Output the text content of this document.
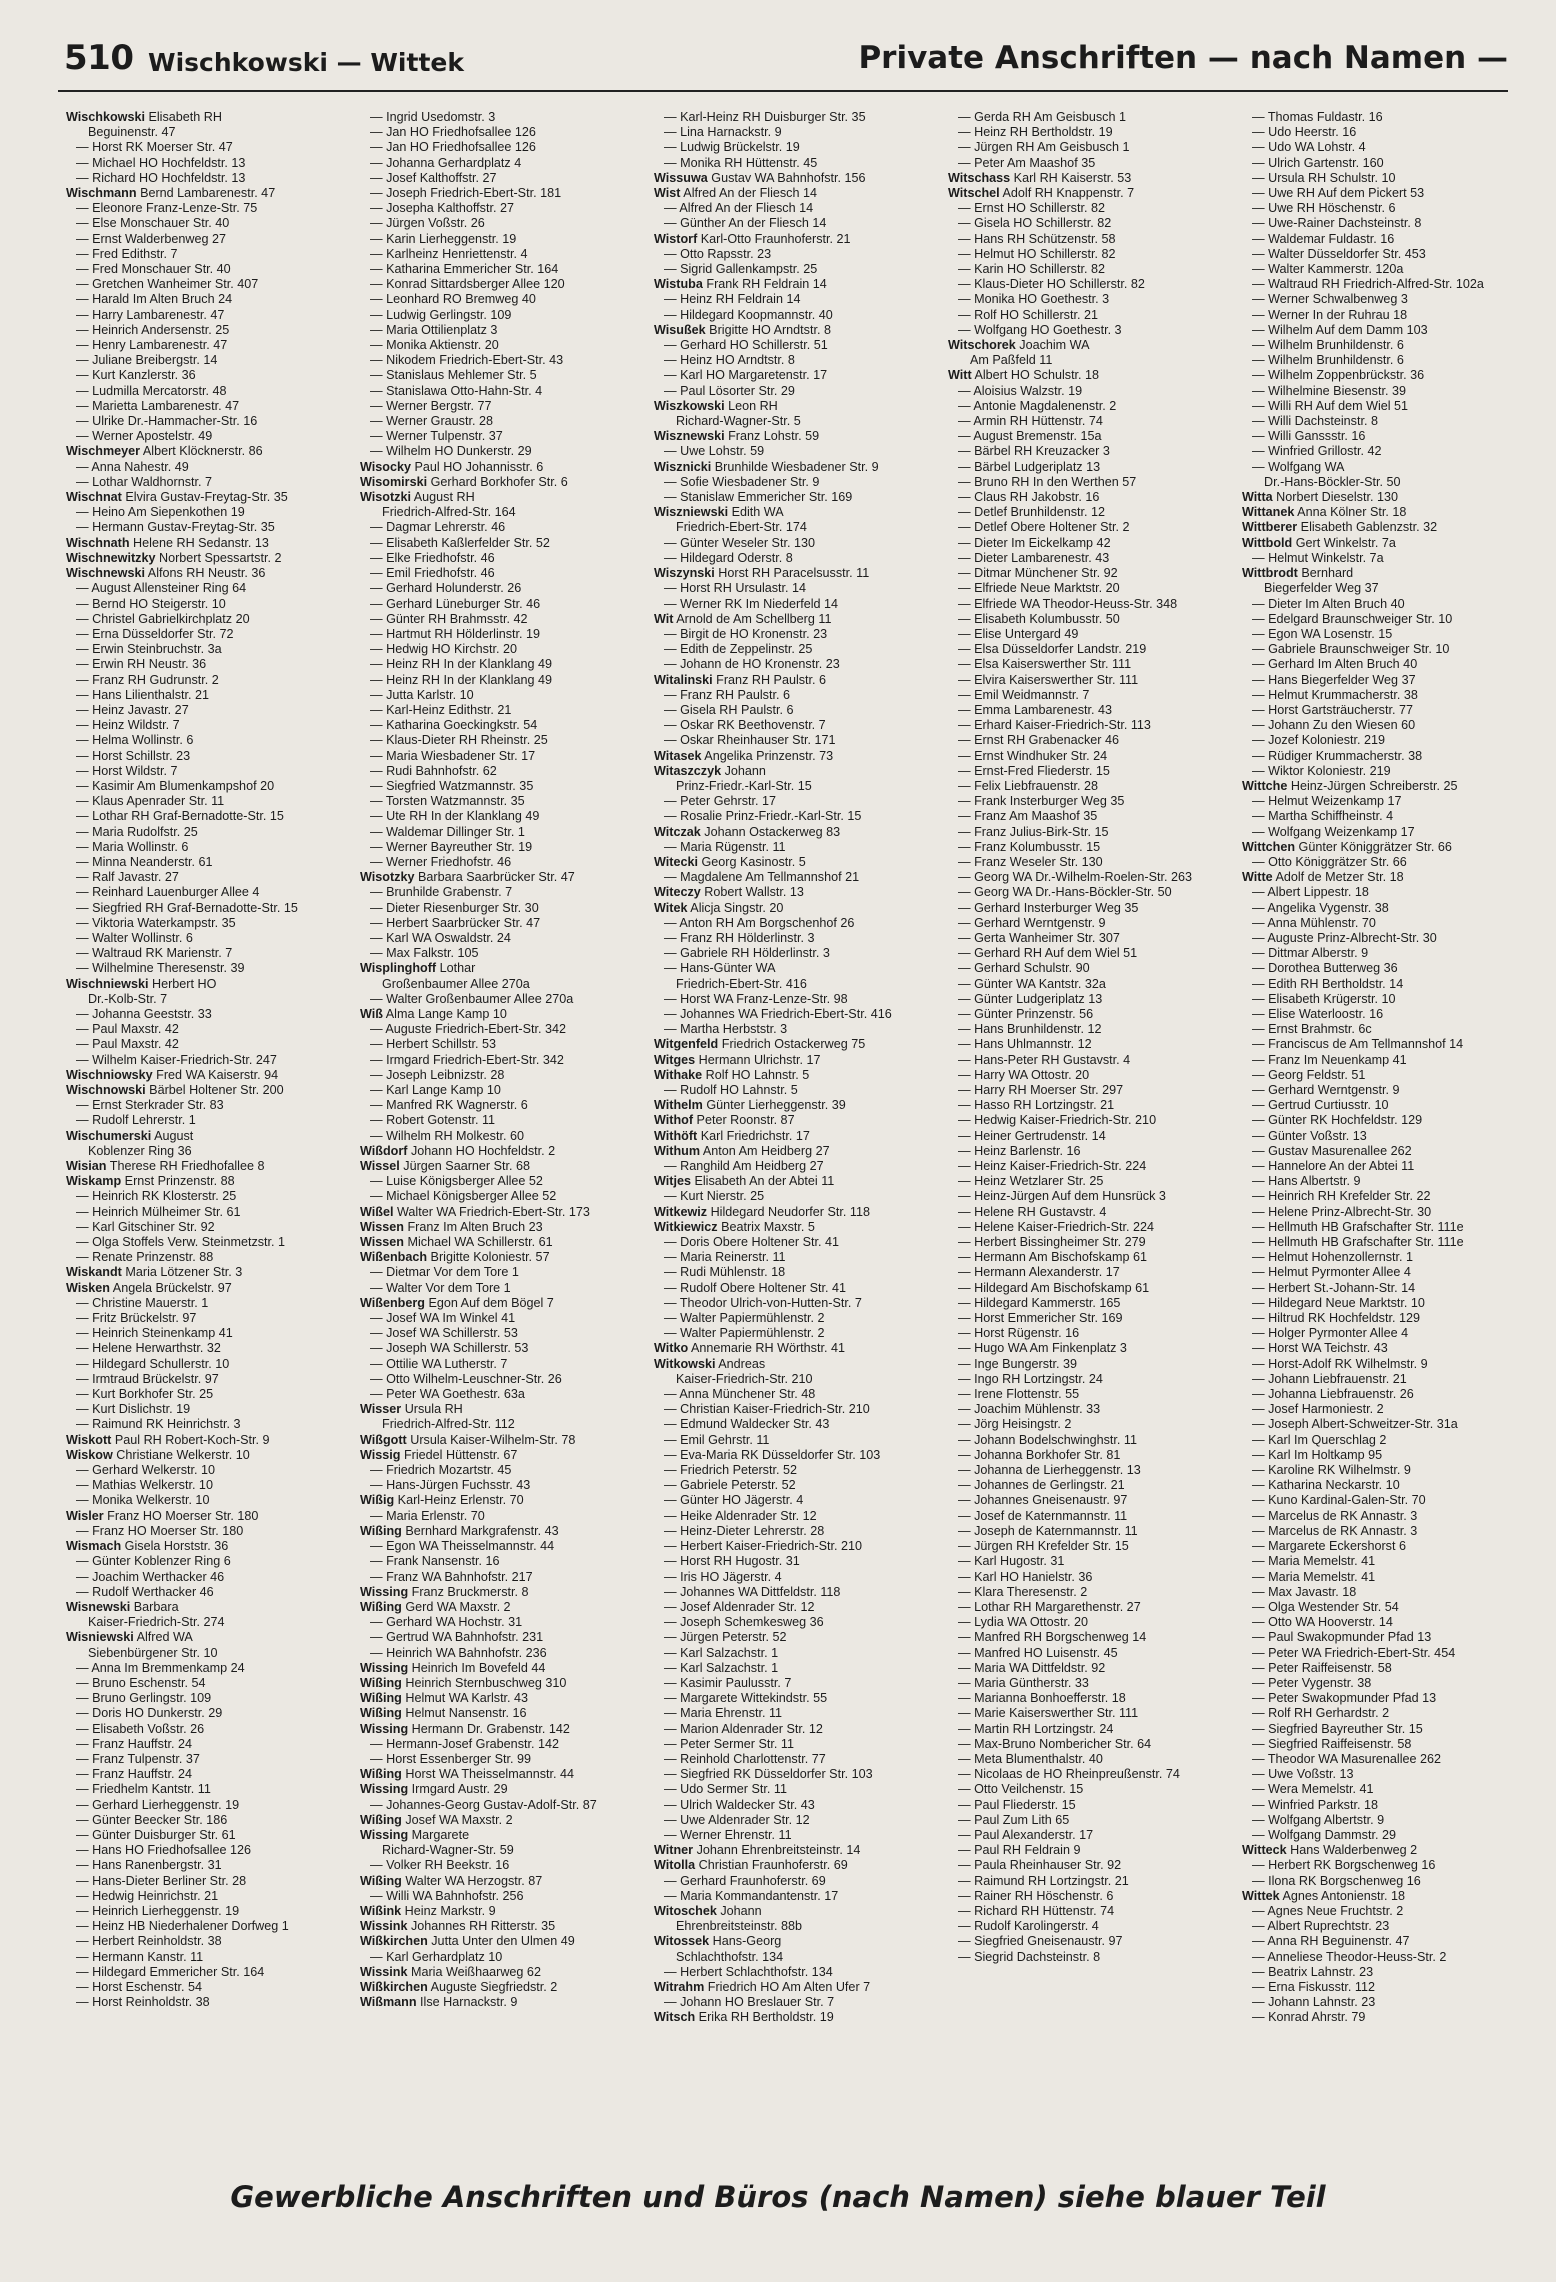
510 Wischkowski — Wittek	Private Anschriften — nach Namen —
Wischkowski Elisabeth RH
Beguinenstr. 47
— Horst RK Moerser Str. 47
— Michael HO Hochfeldstr. 13
— Richard HO Hochfeldstr. 13
Wischmann Bernd Lambarenestr. 47
— Eleonore Franz-Lenze-Str. 75
— Else Monschauer Str. 40
— Ernst Walderbenweg 27
— Fred Edithstr. 7
— Fred Monschauer Str. 40
— Gretchen Wanheimer Str. 407
— Harald Im Alten Bruch 24
— Harry Lambarenestr. 47
— Heinrich Andersenstr. 25
— Henry Lambarenestr. 47
— Juliane Breibergstr. 14
— Kurt Kanzlerstr. 36
— Ludmilla Mercatorstr. 48
— Marietta Lambarenestr. 47
— Ulrike Dr.-Hammacher-Str. 16
— Werner Apostelstr. 49
Wischmeyer Albert Klöcknerstr. 86
— Anna Nahestr. 49
— Lothar Waldhornstr. 7
Wischnat Elvira Gustav-Freytag-Str. 35
— Heino Am Siepenkothen 19
— Hermann Gustav-Freytag-Str. 35
Wischnath Helene RH Sedanstr. 13
Wischnewitzky Norbert Spessartstr. 2
Wischnewski Alfons RH Neustr. 36
— August Allensteiner Ring 64
— Bernd HO Steigerstr. 10
— Christel Gabrielkirchplatz 20
— Erna Düsseldorfer Str. 72
— Erwin Steinbruchstr. 3a
— Erwin RH Neustr. 36
— Franz RH Gudrunstr. 2
— Hans Lilienthalstr. 21
— Heinz Javastr. 27
— Heinz Wildstr. 7
— Helma Wollinstr. 6
— Horst Schillstr. 23
— Horst Wildstr. 7
— Kasimir Am Blumenkampshof 20
— Klaus Apenrader Str. 11
— Lothar RH Graf-Bernadotte-Str. 15
— Maria Rudolfstr. 25
— Maria Wollinstr. 6
— Minna Neanderstr. 61
— Ralf Javastr. 27
— Reinhard Lauenburger Allee 4
— Siegfried RH Graf-Bernadotte-Str. 15
— Viktoria Waterkampstr. 35
— Walter Wollinstr. 6
— Waltraud RK Marienstr. 7
— Wilhelmine Theresenstr. 39
Wischniewski Herbert HO
Dr.-Kolb-Str. 7
— Johanna Geeststr. 33
— Paul Maxstr. 42
— Paul Maxstr. 42
— Wilhelm Kaiser-Friedrich-Str. 247
Wischniowsky Fred WA Kaiserstr. 94
Wischnowski Bärbel Holtener Str. 200
— Ernst Sterkrader Str. 83
— Rudolf Lehrerstr. 1
Wischumerski August
Koblenzer Ring 36
Wisian Therese RH Friedhofallee 8
Wiskamp Ernst Prinzenstr. 88
— Heinrich RK Klosterstr. 25
— Heinrich Mülheimer Str. 61
— Karl Gitschiner Str. 92
— Olga Stoffels Verw. Steinmetzstr. 1
— Renate Prinzenstr. 88
Wiskandt Maria Lötzener Str. 3
Wisken Angela Brückelstr. 97
— Christine Mauerstr. 1
— Fritz Brückelstr. 97
— Heinrich Steinenkamp 41
— Helene Herwarthstr. 32
— Hildegard Schullerstr. 10
— Irmtraud Brückelstr. 97
— Kurt Borkhofer Str. 25
— Kurt Dislichstr. 19
— Raimund RK Heinrichstr. 3
Wiskott Paul RH Robert-Koch-Str. 9
Wiskow Christiane Welkerstr. 10
— Gerhard Welkerstr. 10
— Mathias Welkerstr. 10
— Monika Welkerstr. 10
Wisler Franz HO Moerser Str. 180
— Franz HO Moerser Str. 180
Wismach Gisela Horststr. 36
— Günter Koblenzer Ring 6
— Joachim Werthacker 46
— Rudolf Werthacker 46
Wisnewski Barbara
Kaiser-Friedrich-Str. 274
Wisniewski Alfred WA
Siebenbürgener Str. 10
— Anna Im Bremmenkamp 24
— Bruno Eschenstr. 54
— Bruno Gerlingstr. 109
— Doris HO Dunkerstr. 29
— Elisabeth Voßstr. 26
— Franz Hauffstr. 24
— Franz Tulpenstr. 37
— Franz Hauffstr. 24
— Friedhelm Kantstr. 11
— Gerhard Lierheggenstr. 19
— Günter Beecker Str. 186
— Günter Duisburger Str. 61
— Hans HO Friedhofsallee 126
— Hans Ranenbergstr. 31
— Hans-Dieter Berliner Str. 28
— Hedwig Heinrichstr. 21
— Heinrich Lierheggenstr. 19
— Heinz HB Niederhalener Dorfweg 1
— Herbert Reinholdstr. 38
— Hermann Kanstr. 11
— Hildegard Emmericher Str. 164
— Horst Eschenstr. 54
— Horst Reinholdstr. 38
— Ingrid Usedomstr. 3
— Jan HO Friedhofsallee 126
— Jan HO Friedhofsallee 126
— Johanna Gerhardplatz 4
— Josef Kalthoffstr. 27
— Joseph Friedrich-Ebert-Str. 181
— Josepha Kalthoffstr. 27
— Jürgen Voßstr. 26
— Karin Lierheggenstr. 19
— Karlheinz Henriettenstr. 4
— Katharina Emmericher Str. 164
— Konrad Sittardsberger Allee 120
— Leonhard RO Bremweg 40
— Ludwig Gerlingstr. 109
— Maria Ottilienplatz 3
— Monika Aktienstr. 20
— Nikodem Friedrich-Ebert-Str. 43
— Stanislaus Mehlemer Str. 5
— Stanislawa Otto-Hahn-Str. 4
— Werner Bergstr. 77
— Werner Graustr. 28
— Werner Tulpenstr. 37
— Wilhelm HO Dunkerstr. 29
Wisocky Paul HO Johannisstr. 6
Wisomirski Gerhard Borkhofer Str. 6
Wisotzki August RH
Friedrich-Alfred-Str. 164
— Dagmar Lehrerstr. 46
— Elisabeth Kaßlerfelder Str. 52
— Elke Friedhofstr. 46
— Emil Friedhofstr. 46
— Gerhard Holunderstr. 26
— Gerhard Lüneburger Str. 46
— Günter RH Brahmsstr. 42
— Hartmut RH Hölderlinstr. 19
— Hedwig HO Kirchstr. 20
— Heinz RH In der Klanklang 49
— Heinz RH In der Klanklang 49
— Jutta Karlstr. 10
— Karl-Heinz Edithstr. 21
— Katharina Goeckingkstr. 54
— Klaus-Dieter RH Rheinstr. 25
— Maria Wiesbadener Str. 17
— Rudi Bahnhofstr. 62
— Siegfried Watzmannstr. 35
— Torsten Watzmannstr. 35
— Ute RH In der Klanklang 49
— Waldemar Dillinger Str. 1
— Werner Bayreuther Str. 19
— Werner Friedhofstr. 46
Wisotzky Barbara Saarbrücker Str. 47
— Brunhilde Grabenstr. 7
— Dieter Riesenburger Str. 30
— Herbert Saarbrücker Str. 47
— Karl WA Oswaldstr. 24
— Max Falkstr. 105
Wisplinghoff Lothar
Großenbaumer Allee 270a
— Walter Großenbaumer Allee 270a
Wiß Alma Lange Kamp 10
— Auguste Friedrich-Ebert-Str. 342
— Herbert Schillstr. 53
— Irmgard Friedrich-Ebert-Str. 342
— Joseph Leibnizstr. 28
— Karl Lange Kamp 10
— Manfred RK Wagnerstr. 6
— Robert Gotenstr. 11
— Wilhelm RH Molkestr. 60
Wißdorf Johann HO Hochfeldstr. 2
Wissel Jürgen Saarner Str. 68
— Luise Königsberger Allee 52
— Michael Königsberger Allee 52
Wißel Walter WA Friedrich-Ebert-Str. 173
Wissen Franz Im Alten Bruch 23
Wissen Michael WA Schillerstr. 61
Wißenbach Brigitte Koloniestr. 57
— Dietmar Vor dem Tore 1
— Walter Vor dem Tore 1
Wißenberg Egon Auf dem Bögel 7
— Josef WA Im Winkel 41
— Josef WA Schillerstr. 53
— Joseph WA Schillerstr. 53
— Ottilie WA Lutherstr. 7
— Otto Wilhelm-Leuschner-Str. 26
— Peter WA Goethestr. 63a
Wisser Ursula RH
Friedrich-Alfred-Str. 112
Wißgott Ursula Kaiser-Wilhelm-Str. 78
Wissig Friedel Hüttenstr. 67
— Friedrich Mozartstr. 45
— Hans-Jürgen Fuchsstr. 43
Wißig Karl-Heinz Erlenstr. 70
— Maria Erlenstr. 70
Wißing Bernhard Markgrafenstr. 43
— Egon WA Theisselmannstr. 44
— Frank Nansenstr. 16
— Franz WA Bahnhofstr. 217
Wissing Franz Bruckmerstr. 8
Wißing Gerd WA Maxstr. 2
— Gerhard WA Hochstr. 31
— Gertrud WA Bahnhofstr. 231
— Heinrich WA Bahnhofstr. 236
Wissing Heinrich Im Bovefeld 44
Wißing Heinrich Sternbuschweg 310
Wißing Helmut WA Karlstr. 43
Wißing Helmut Nansenstr. 16
Wissing Hermann Dr. Grabenstr. 142
— Hermann-Josef Grabenstr. 142
— Horst Essenberger Str. 99
Wißing Horst WA Theisselmannstr. 44
Wissing Irmgard Austr. 29
— Johannes-Georg Gustav-Adolf-Str. 87
Wißing Josef WA Maxstr. 2
Wissing Margarete
Richard-Wagner-Str. 59
— Volker RH Beekstr. 16
Wißing Walter WA Herzogstr. 87
— Willi WA Bahnhofstr. 256
Wißink Heinz Markstr. 9
Wissink Johannes RH Ritterstr. 35
Wißkirchen Jutta Unter den Ulmen 49
— Karl Gerhardplatz 10
Wissink Maria Weißhaarweg 62
Wißkirchen Auguste Siegfriedstr. 2
Wißmann Ilse Harnackstr. 9
— Karl-Heinz RH Duisburger Str. 35
— Lina Harnackstr. 9
— Ludwig Brückelstr. 19
— Monika RH Hüttenstr. 45
Wissuwa Gustav WA Bahnhofstr. 156
Wist Alfred An der Fliesch 14
— Alfred An der Fliesch 14
— Günther An der Fliesch 14
Wistorf Karl-Otto Fraunhoferstr. 21
— Otto Rapsstr. 23
— Sigrid Gallenkampstr. 25
Wistuba Frank RH Feldrain 14
— Heinz RH Feldrain 14
— Hildegard Koopmannstr. 40
Wisußek Brigitte HO Arndtstr. 8
— Gerhard HO Schillerstr. 51
— Heinz HO Arndtstr. 8
— Karl HO Margaretenstr. 17
— Paul Lösorter Str. 29
Wiszkowski Leon RH
Richard-Wagner-Str. 5
Wisznewski Franz Lohstr. 59
— Uwe Lohstr. 59
Wisznicki Brunhilde Wiesbadener Str. 9
— Sofie Wiesbadener Str. 9
— Stanislaw Emmericher Str. 169
Wiszniewski Edith WA
Friedrich-Ebert-Str. 174
— Günter Weseler Str. 130
— Hildegard Oderstr. 8
Wiszynski Horst RH Paracelsusstr. 11
— Horst RH Ursulastr. 14
— Werner RK Im Niederfeld 14
Wit Arnold de Am Schellberg 11
— Birgit de HO Kronenstr. 23
— Edith de Zeppelinstr. 25
— Johann de HO Kronenstr. 23
Witalinski Franz RH Paulstr. 6
— Franz RH Paulstr. 6
— Gisela RH Paulstr. 6
— Oskar RK Beethovenstr. 7
— Oskar Rheinhauser Str. 171
Witasek Angelika Prinzenstr. 73
Witaszczyk Johann
Prinz-Friedr.-Karl-Str. 15
— Peter Gehrstr. 17
— Rosalie Prinz-Friedr.-Karl-Str. 15
Witczak Johann Ostackerweg 83
— Maria Rügenstr. 11
Witecki Georg Kasinostr. 5
— Magdalene Am Tellmannshof 21
Witeczy Robert Wallstr. 13
Witek Alicja Singstr. 20
— Anton RH Am Borgschenhof 26
— Franz RH Hölderlinstr. 3
— Gabriele RH Hölderlinstr. 3
— Hans-Günter WA
Friedrich-Ebert-Str. 416
— Horst WA Franz-Lenze-Str. 98
— Johannes WA Friedrich-Ebert-Str. 416
— Martha Herbststr. 3
Witgenfeld Friedrich Ostackerweg 75
Witges Hermann Ulrichstr. 17
Withake Rolf HO Lahnstr. 5
— Rudolf HO Lahnstr. 5
Withelm Günter Lierheggenstr. 39
Withof Peter Roonstr. 87
Withöft Karl Friedrichstr. 17
Withum Anton Am Heidberg 27
— Ranghild Am Heidberg 27
Witjes Elisabeth An der Abtei 11
— Kurt Nierstr. 25
Witkewiz Hildegard Neudorfer Str. 118
Witkiewicz Beatrix Maxstr. 5
— Doris Obere Holtener Str. 41
— Maria Reinerstr. 11
— Rudi Mühlenstr. 18
— Rudolf Obere Holtener Str. 41
— Theodor Ulrich-von-Hutten-Str. 7
— Walter Papiermühlenstr. 2
— Walter Papiermühlenstr. 2
Witko Annemarie RH Wörthstr. 41
Witkowski Andreas
Kaiser-Friedrich-Str. 210
— Anna Münchener Str. 48
— Christian Kaiser-Friedrich-Str. 210
— Edmund Waldecker Str. 43
— Emil Gehrstr. 11
— Eva-Maria RK Düsseldorfer Str. 103
— Friedrich Peterstr. 52
— Gabriele Peterstr. 52
— Günter HO Jägerstr. 4
— Heike Aldenrader Str. 12
— Heinz-Dieter Lehrerstr. 28
— Herbert Kaiser-Friedrich-Str. 210
— Horst RH Hugostr. 31
— Iris HO Jägerstr. 4
— Johannes WA Dittfeldstr. 118
— Josef Aldenrader Str. 12
— Joseph Schemkesweg 36
— Jürgen Peterstr. 52
— Karl Salzachstr. 1
— Karl Salzachstr. 1
— Kasimir Paulusstr. 7
— Margarete Wittekindstr. 55
— Maria Ehrenstr. 11
— Marion Aldenrader Str. 12
— Peter Sermer Str. 11
— Reinhold Charlottenstr. 77
— Siegfried RK Düsseldorfer Str. 103
— Udo Sermer Str. 11
— Ulrich Waldecker Str. 43
— Uwe Aldenrader Str. 12
— Werner Ehrenstr. 11
Witner Johann Ehrenbreitsteinstr. 14
Witolla Christian Fraunhoferstr. 69
— Gerhard Fraunhoferstr. 69
— Maria Kommandantenstr. 17
Witoschek Johann
Ehrenbreitsteinstr. 88b
Witossek Hans-Georg
Schlachthofstr. 134
— Herbert Schlachthofstr. 134
Witrahm Friedrich HO Am Alten Ufer 7
— Johann HO Breslauer Str. 7
Witsch Erika RH Bertholdstr. 19
— Gerda RH Am Geisbusch 1
— Heinz RH Bertholdstr. 19
— Jürgen RH Am Geisbusch 1
— Peter Am Maashof 35
Witschass Karl RH Kaiserstr. 53
Witschel Adolf RH Knappenstr. 7
— Ernst HO Schillerstr. 82
— Gisela HO Schillerstr. 82
— Hans RH Schützenstr. 58
— Helmut HO Schillerstr. 82
— Karin HO Schillerstr. 82
— Klaus-Dieter HO Schillerstr. 82
— Monika HO Goethestr. 3
— Rolf HO Schillerstr. 21
— Wolfgang HO Goethestr. 3
Witschorek Joachim WA
Am Paßfeld 11
Witt Albert HO Schulstr. 18
— Aloisius Walzstr. 19
— Antonie Magdalenenstr. 2
— Armin RH Hüttenstr. 74
— August Bremenstr. 15a
— Bärbel RH Kreuzacker 3
— Bärbel Ludgeriplatz 13
— Bruno RH In den Werthen 57
— Claus RH Jakobstr. 16
— Detlef Brunhildenstr. 12
— Detlef Obere Holtener Str. 2
— Dieter Im Eickelkamp 42
— Dieter Lambarenestr. 43
— Ditmar Münchener Str. 92
— Elfriede Neue Marktstr. 20
— Elfriede WA Theodor-Heuss-Str. 348
— Elisabeth Kolumbusstr. 50
— Elise Untergard 49
— Elsa Düsseldorfer Landstr. 219
— Elsa Kaiserswerther Str. 111
— Elvira Kaiserswerther Str. 111
— Emil Weidmannstr. 7
— Emma Lambarenestr. 43
— Erhard Kaiser-Friedrich-Str. 113
— Ernst RH Grabenacker 46
— Ernst Windhuker Str. 24
— Ernst-Fred Fliederstr. 15
— Felix Liebfrauenstr. 28
— Frank Insterburger Weg 35
— Franz Am Maashof 35
— Franz Julius-Birk-Str. 15
— Franz Kolumbusstr. 15
— Franz Weseler Str. 130
— Georg WA Dr.-Wilhelm-Roelen-Str. 263
— Georg WA Dr.-Hans-Böckler-Str. 50
— Gerhard Insterburger Weg 35
— Gerhard Werntgenstr. 9
— Gerta Wanheimer Str. 307
— Gerhard RH Auf dem Wiel 51
— Gerhard Schulstr. 90
— Günter WA Kantstr. 32a
— Günter Ludgeriplatz 13
— Günter Prinzenstr. 56
— Hans Brunhildenstr. 12
— Hans Uhlmannstr. 12
— Hans-Peter RH Gustavstr. 4
— Harry WA Ottostr. 20
— Harry RH Moerser Str. 297
— Hasso RH Lortzingstr. 21
— Hedwig Kaiser-Friedrich-Str. 210
— Heiner Gertrudenstr. 14
— Heinz Barlenstr. 16
— Heinz Kaiser-Friedrich-Str. 224
— Heinz Wetzlarer Str. 25
— Heinz-Jürgen Auf dem Hunsrück 3
— Helene RH Gustavstr. 4
— Helene Kaiser-Friedrich-Str. 224
— Herbert Bissingheimer Str. 279
— Hermann Am Bischofskamp 61
— Hermann Alexanderstr. 17
— Hildegard Am Bischofskamp 61
— Hildegard Kammerstr. 165
— Horst Emmericher Str. 169
— Horst Rügenstr. 16
— Hugo WA Am Finkenplatz 3
— Inge Bungerstr. 39
— Ingo RH Lortzingstr. 24
— Irene Flottenstr. 55
— Joachim Mühlenstr. 33
— Jörg Heisingstr. 2
— Johann Bodelschwinghstr. 11
— Johanna Borkhofer Str. 81
— Johanna de Lierheggenstr. 13
— Johannes de Gerlingstr. 21
— Johannes Gneisenaustr. 97
— Josef de Katernmannstr. 11
— Joseph de Katernmannstr. 11
— Jürgen RH Krefelder Str. 15
— Karl Hugostr. 31
— Karl HO Hanielstr. 36
— Klara Theresenstr. 2
— Lothar RH Margarethenstr. 27
— Lydia WA Ottostr. 20
— Manfred RH Borgschenweg 14
— Manfred HO Luisenstr. 45
— Maria WA Dittfeldstr. 92
— Maria Güntherstr. 33
— Marianna Bonhoefferstr. 18
— Marie Kaiserswerther Str. 111
— Martin RH Lortzingstr. 24
— Max-Bruno Nombericher Str. 64
— Meta Blumenthalstr. 40
— Nicolaas de HO Rheinpreußenstr. 74
— Otto Veilchenstr. 15
— Paul Fliederstr. 15
— Paul Zum Lith 65
— Paul Alexanderstr. 17
— Paul RH Feldrain 9
— Paula Rheinhauser Str. 92
— Raimund RH Lortzingstr. 21
— Rainer RH Höschenstr. 6
— Richard RH Hüttenstr. 74
— Rudolf Karolingerstr. 4
— Siegfried Gneisenaustr. 97
— Siegrid Dachsteinstr. 8
— Thomas Fuldastr. 16
— Udo Heerstr. 16
— Udo WA Lohstr. 4
— Ulrich Gartenstr. 160
— Ursula RH Schulstr. 10
— Uwe RH Auf dem Pickert 53
— Uwe RH Höschenstr. 6
— Uwe-Rainer Dachsteinstr. 8
— Waldemar Fuldastr. 16
— Walter Düsseldorfer Str. 453
— Walter Kammerstr. 120a
— Waltraud RH Friedrich-Alfred-Str. 102a
— Werner Schwalbenweg 3
— Werner In der Ruhrau 18
— Wilhelm Auf dem Damm 103
— Wilhelm Brunhildenstr. 6
— Wilhelm Brunhildenstr. 6
— Wilhelm Zoppenbrückstr. 36
— Wilhelmine Biesenstr. 39
— Willi RH Auf dem Wiel 51
— Willi Dachsteinstr. 8
— Willi Ganssstr. 16
— Winfried Grillostr. 42
— Wolfgang WA
Dr.-Hans-Böckler-Str. 50
Witta Norbert Dieselstr. 130
Wittanek Anna Kölner Str. 18
Wittberer Elisabeth Gablenzstr. 32
Wittbold Gert Winkelstr. 7a
— Helmut Winkelstr. 7a
Wittbrodt Bernhard
Biegerfelder Weg 37
— Dieter Im Alten Bruch 40
— Edelgard Braunschweiger Str. 10
— Egon WA Losenstr. 15
— Gabriele Braunschweiger Str. 10
— Gerhard Im Alten Bruch 40
— Hans Biegerfelder Weg 37
— Helmut Krummacherstr. 38
— Horst Gartsträucherstr. 77
— Johann Zu den Wiesen 60
— Jozef Koloniestr. 219
— Rüdiger Krummacherstr. 38
— Wiktor Koloniestr. 219
Wittche Heinz-Jürgen Schreiberstr. 25
— Helmut Weizenkamp 17
— Martha Schiffheinstr. 4
— Wolfgang Weizenkamp 17
Wittchen Günter Königgrätzer Str. 66
— Otto Königgrätzer Str. 66
Witte Adolf de Metzer Str. 18
— Albert Lippestr. 18
— Angelika Vygenstr. 38
— Anna Mühlenstr. 70
— Auguste Prinz-Albrecht-Str. 30
— Dittmar Alberstr. 9
— Dorothea Butterweg 36
— Edith RH Bertholdstr. 14
— Elisabeth Krügerstr. 10
— Elise Waterloostr. 16
— Ernst Brahmstr. 6c
— Franciscus de Am Tellmannshof 14
— Franz Im Neuenkamp 41
— Georg Feldstr. 51
— Gerhard Werntgenstr. 9
— Gertrud Curtiusstr. 10
— Günter RK Hochfeldstr. 129
— Günter Voßstr. 13
— Gustav Masurenallee 262
— Hannelore An der Abtei 11
— Hans Albertstr. 9
— Heinrich RH Krefelder Str. 22
— Helene Prinz-Albrecht-Str. 30
— Hellmuth HB Grafschafter Str. 111e
— Hellmuth HB Grafschafter Str. 111e
— Helmut Hohenzollernstr. 1
— Helmut Pyrmonter Allee 4
— Herbert St.-Johann-Str. 14
— Hildegard Neue Marktstr. 10
— Hiltrud RK Hochfeldstr. 129
— Holger Pyrmonter Allee 4
— Horst WA Teichstr. 43
— Horst-Adolf RK Wilhelmstr. 9
— Johann Liebfrauenstr. 21
— Johanna Liebfrauenstr. 26
— Josef Harmoniestr. 2
— Joseph Albert-Schweitzer-Str. 31a
— Karl Im Querschlag 2
— Karl Im Holtkamp 95
— Karoline RK Wilhelmstr. 9
— Katharina Neckarstr. 10
— Kuno Kardinal-Galen-Str. 70
— Marcelus de RK Annastr. 3
— Marcelus de RK Annastr. 3
— Margarete Eckershorst 6
— Maria Memelstr. 41
— Maria Memelstr. 41
— Max Javastr. 18
— Olga Westender Str. 54
— Otto WA Hooverstr. 14
— Paul Swakopmunder Pfad 13
— Peter WA Friedrich-Ebert-Str. 454
— Peter Raiffeisenstr. 58
— Peter Vygenstr. 38
— Peter Swakopmunder Pfad 13
— Rolf RH Gerhardstr. 2
— Siegfried Bayreuther Str. 15
— Siegfried Raiffeisenstr. 58
— Theodor WA Masurenallee 262
— Uwe Voßstr. 13
— Wera Memelstr. 41
— Winfried Parkstr. 18
— Wolfgang Albertstr. 9
— Wolfgang Dammstr. 29
Witteck Hans Walderbenweg 2
— Herbert RK Borgschenweg 16
— Ilona RK Borgschenweg 16
Wittek Agnes Antonienstr. 18
— Agnes Neue Fruchtstr. 2
— Albert Ruprechtstr. 23
— Anna RH Beguinenstr. 47
— Anneliese Theodor-Heuss-Str. 2
— Beatrix Lahnstr. 23
— Erna Fiskusstr. 112
— Johann Lahnstr. 23
— Konrad Ahrstr. 79
Gewerbliche Anschriften und Büros (nach Namen) siehe blauer Teil
